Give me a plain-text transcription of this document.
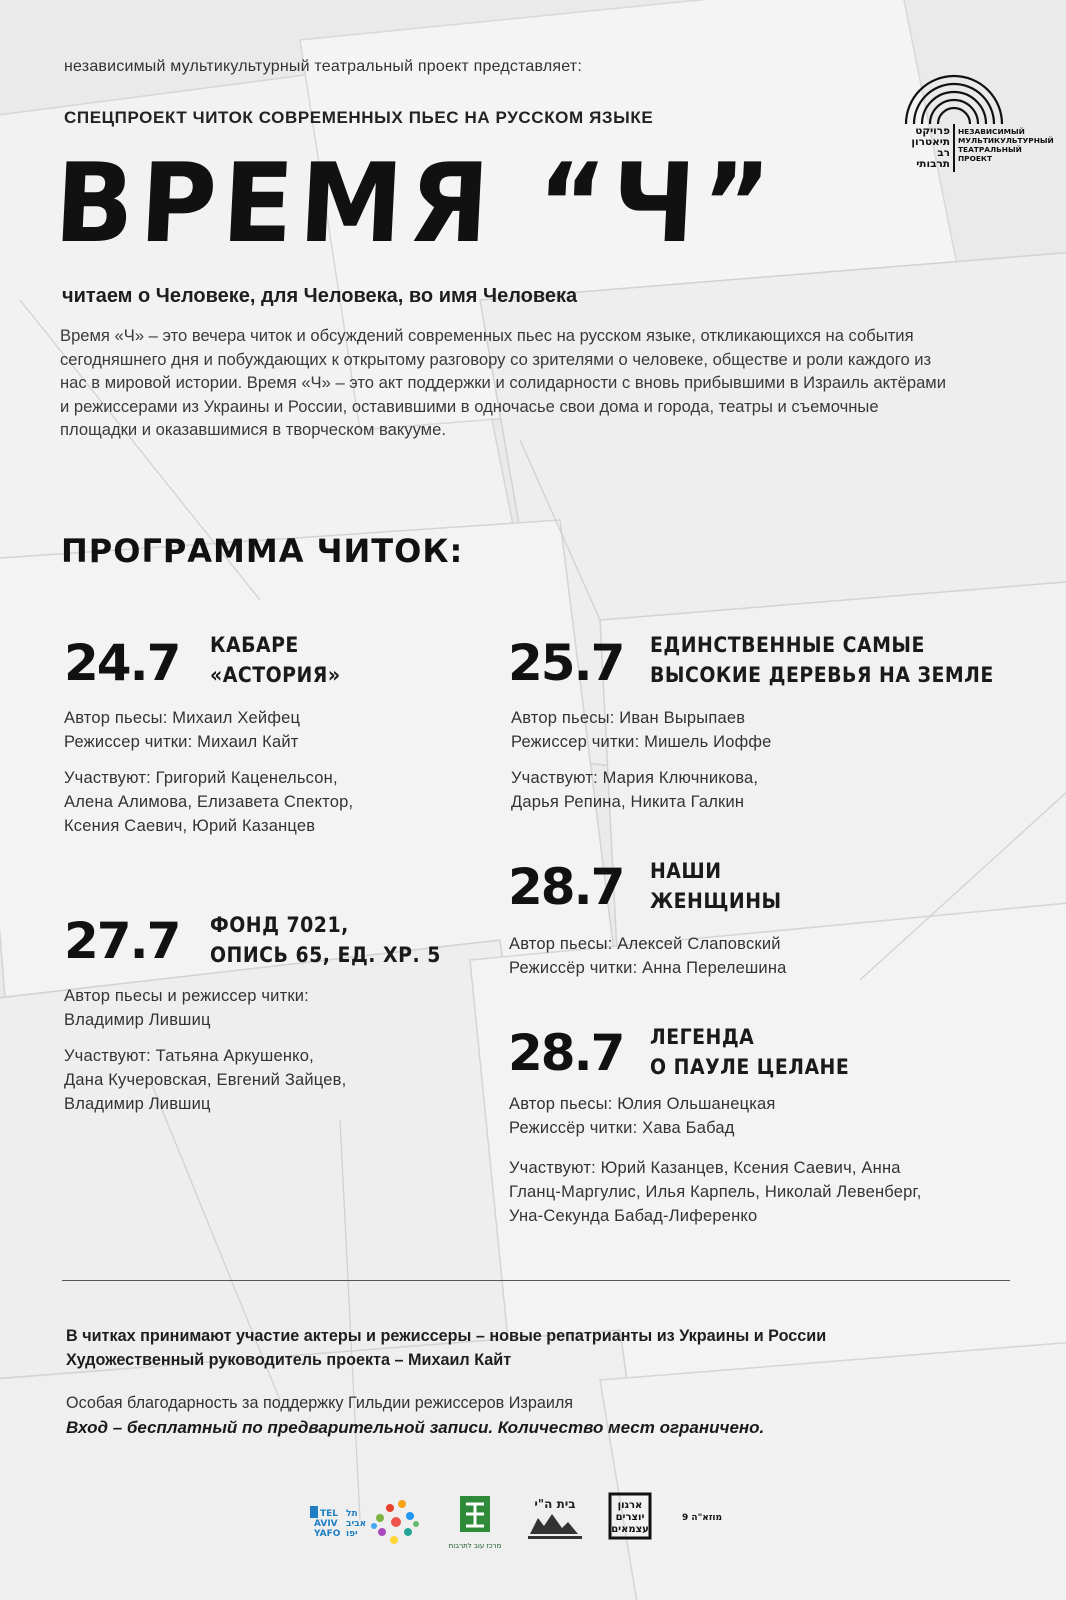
независимый мультикультурный театральный проект представляет:
СПЕЦПРОЕКТ ЧИТОК СОВРЕМЕННЫХ ПЬЕС НА РУССКОМ ЯЗЫКЕ
ВРЕМЯ “Ч”
פרויקט
תיאטרון
רב
תרבותי
НЕЗАВИСИМЫЙ
МУЛЬТИКУЛЬТУРНЫЙ
ТЕАТРАЛЬНЫЙ
ПРОЕКТ
читаем о Человеке, для Человека, во имя Человека
Время «Ч» – это вечера читок и обсуждений современных пьес на русском языке, откликающихся на события сегодняшнего дня и побуждающих к открытому разговору со зрителями о человеке, обществе и роли каждого из нас в мировой истории. Время «Ч» – это акт поддержки и солидарности с вновь прибывшими в Израиль актёрами и режиссерами из Украины и России, оставившими в одночасье свои дома и города, театры и съемочные площадки и оказавшимися в творческом вакууме.
ПРОГРАММА ЧИТОК:
24.7 КАБАРЕ
«АСТОРИЯ»
Автор пьесы: Михаил Хейфец
Режиссер читки: Михаил Кайт
Участвуют: Григорий Каценельсон,
Алена Алимова, Елизавета Спектор,
Ксения Саевич, Юрий Казанцев
25.7 ЕДИНСТВЕННЫЕ САМЫЕ
ВЫСОКИЕ ДЕРЕВЬЯ НА ЗЕМЛЕ
Автор пьесы: Иван Вырыпаев
Режиссер читки: Мишель Иоффе
Участвуют: Мария Ключникова,
Дарья Репина, Никита Галкин
27.7 ФОНД 7021,
ОПИСЬ 65, ЕД. ХР. 5
Автор пьесы и режиссер читки:
Владимир Лившиц
Участвуют: Татьяна Аркушенко,
Дана Кучеровская, Евгений Зайцев,
Владимир Лившиц
28.7 НАШИ
ЖЕНЩИНЫ
Автор пьесы: Алексей Слаповский
Режиссёр читки: Анна Перелешина
28.7 ЛЕГЕНДА
О ПАУЛЕ ЦЕЛАНЕ
Автор пьесы: Юлия Ольшанецкая
Режиссёр читки: Хава Бабад
Участвуют: Юрий Казанцев, Ксения Саевич, Анна
Гланц-Маргулис, Илья Карпель, Николай Левенберг,
Уна-Секунда Бабад-Лиференко
В читках принимают участие актеры и режиссеры – новые репатрианты из Украины и России
Художественный руководитель проекта – Михаил Кайт
Особая благодарность за поддержку Гильдии режиссеров Израиля
Вход – бесплатный по предварительной записи. Количество мест ограничено.
TEL
AVIV
YAFO
תל
אביב
יפו
מרכז עוב לתרבות
בית ה"י	ארגון
יוצרים
עצמאים
מוזא"ה 9
